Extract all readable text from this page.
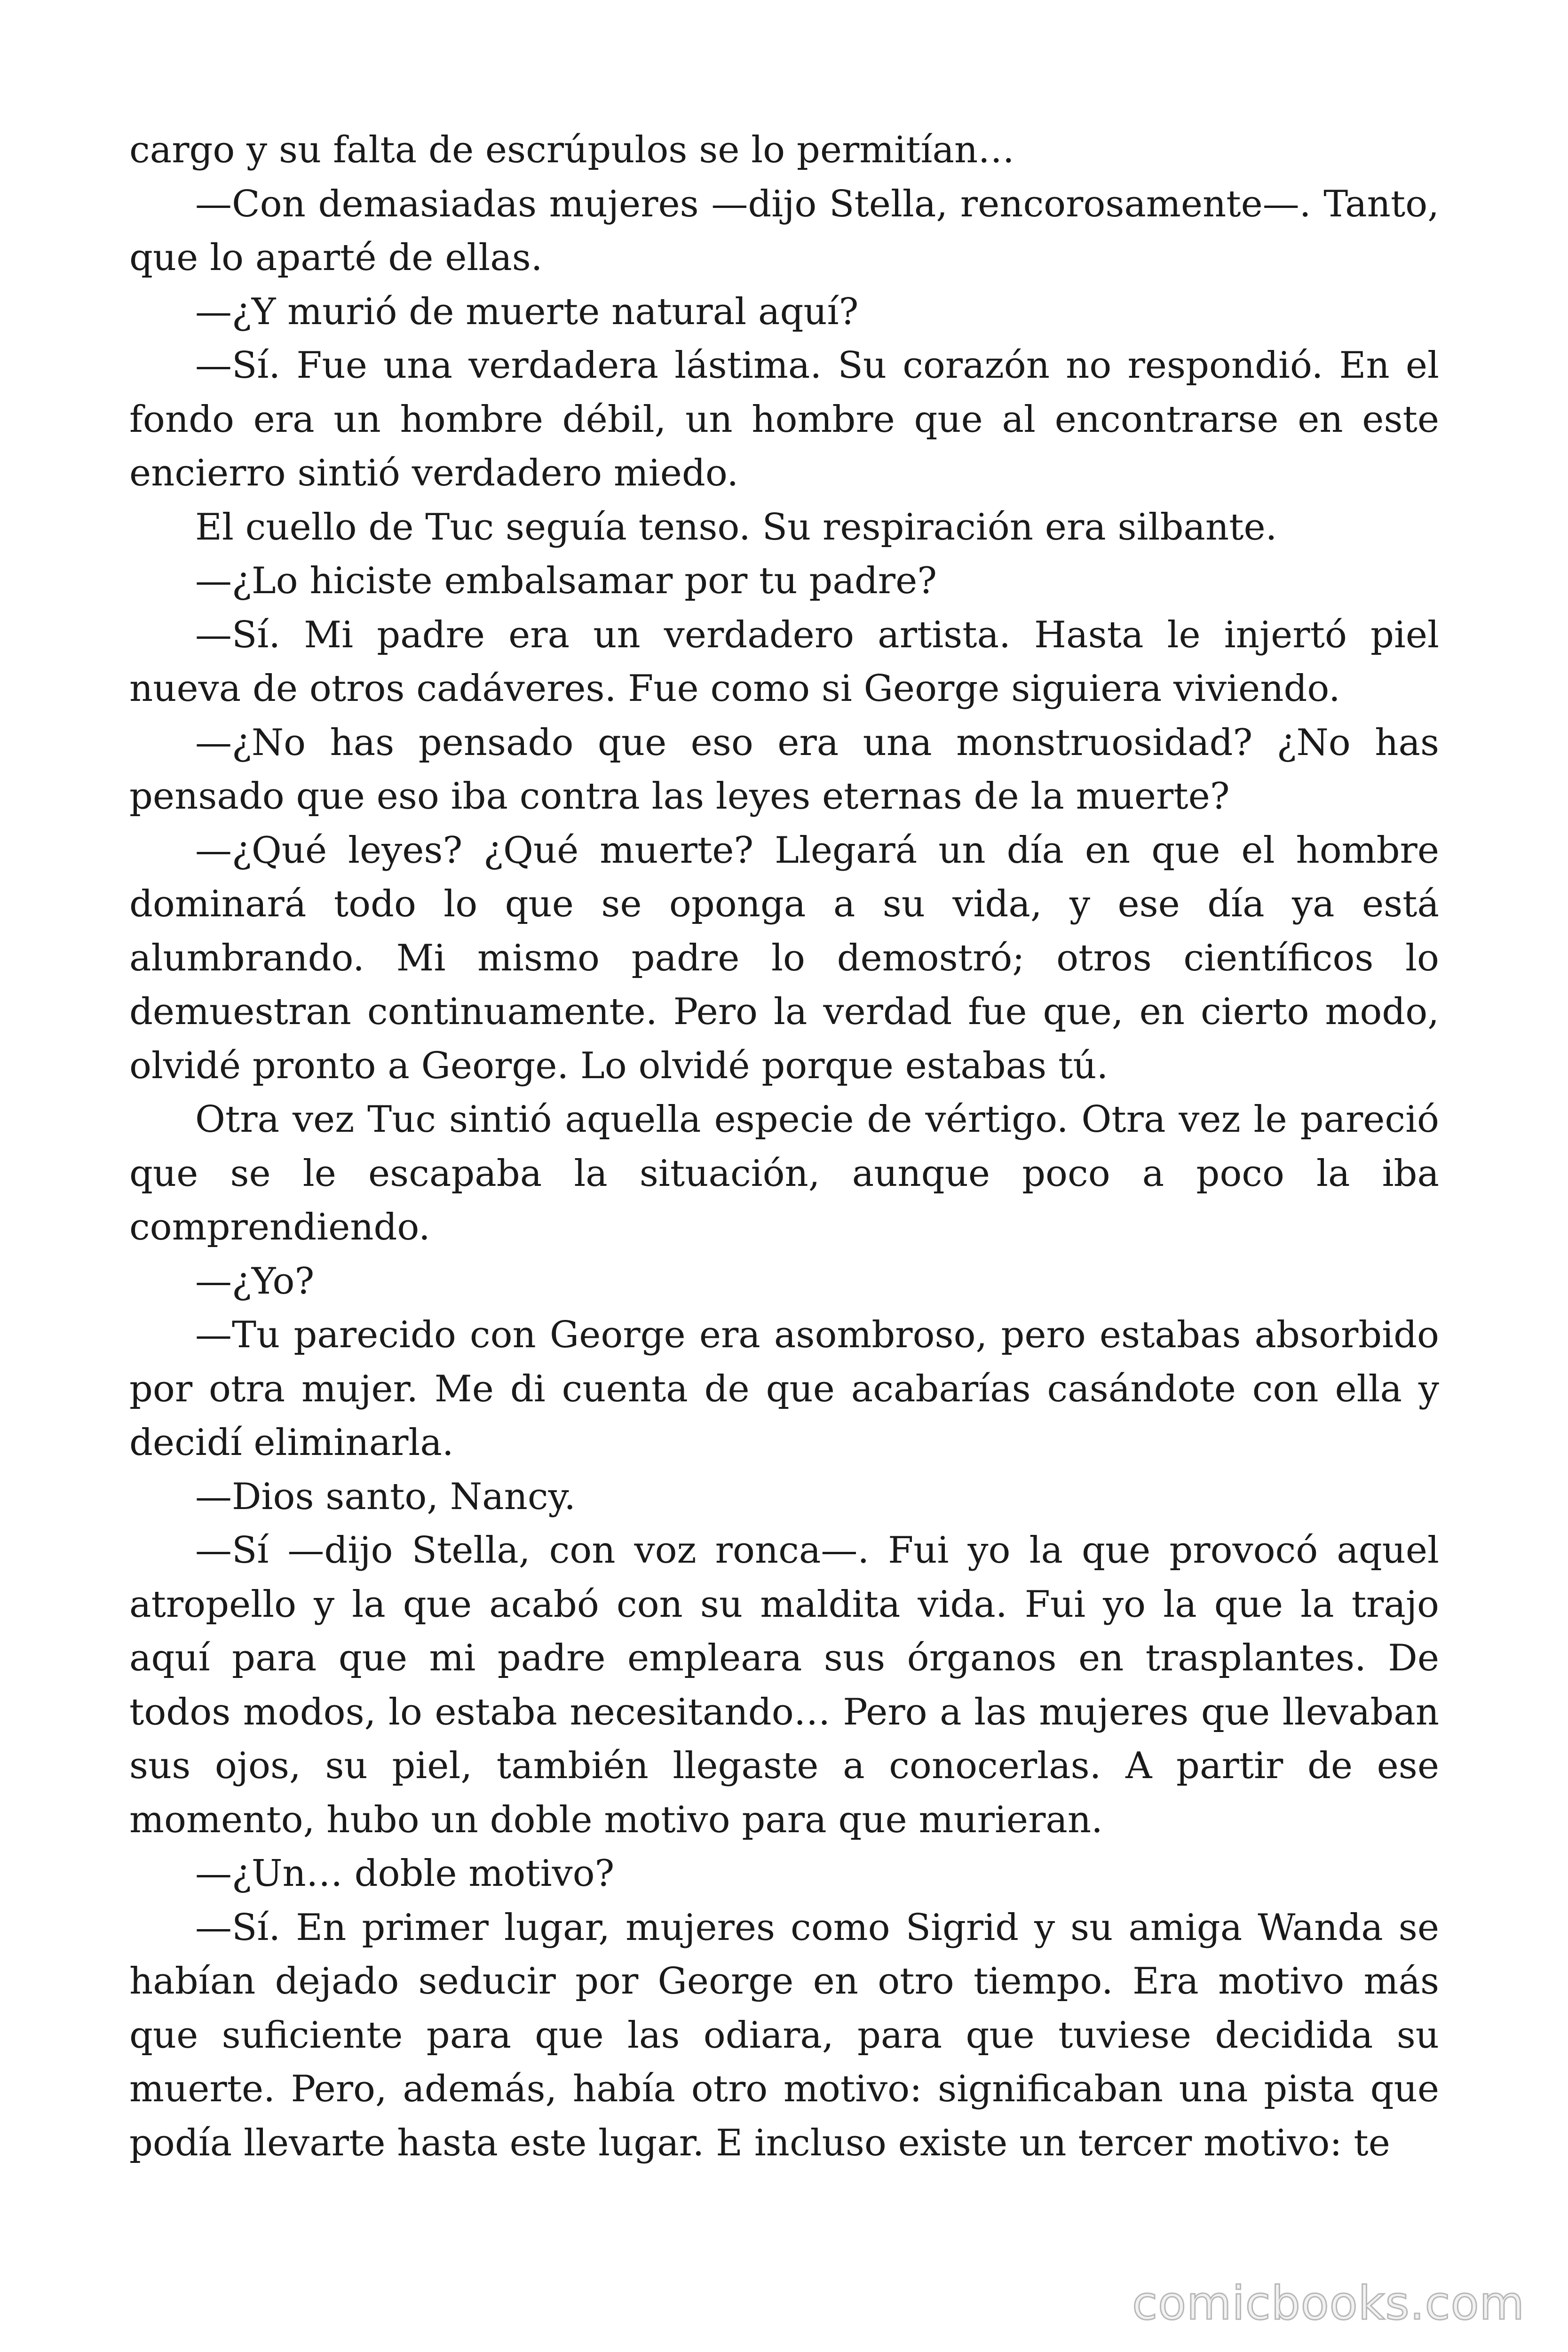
cargo y su falta de escrúpulos se lo permitían…

—Con demasiadas mujeres —dijo Stella, rencorosamente—. Tanto, que lo aparté de ellas.

—¿Y murió de muerte natural aquí?

—Sí. Fue una verdadera lástima. Su corazón no respondió. En el fondo era un hombre débil, un hombre que al encontrarse en este encierro sintió verdadero miedo.

El cuello de Tuc seguía tenso. Su respiración era silbante.

—¿Lo hiciste embalsamar por tu padre?

—Sí. Mi padre era un verdadero artista. Hasta le injertó piel nueva de otros cadáveres. Fue como si George siguiera viviendo.

—¿No has pensado que eso era una monstruosidad? ¿No has pensado que eso iba contra las leyes eternas de la muerte?

—¿Qué leyes? ¿Qué muerte? Llegará un día en que el hombre dominará todo lo que se oponga a su vida, y ese día ya está alumbrando. Mi mismo padre lo demostró; otros científicos lo demuestran continuamente. Pero la verdad fue que, en cierto modo, olvidé pronto a George. Lo olvidé porque estabas tú.

Otra vez Tuc sintió aquella especie de vértigo. Otra vez le pareció que se le escapaba la situación, aunque poco a poco la iba comprendiendo.

—¿Yo?

—Tu parecido con George era asombroso, pero estabas absorbido por otra mujer. Me di cuenta de que acabarías casándote con ella y decidí eliminarla.

—Dios santo, Nancy.

—Sí —dijo Stella, con voz ronca—. Fui yo la que provocó aquel atropello y la que acabó con su maldita vida. Fui yo la que la trajo aquí para que mi padre empleara sus órganos en trasplantes. De todos modos, lo estaba necesitando… Pero a las mujeres que llevaban sus ojos, su piel, también llegaste a conocerlas. A partir de ese momento, hubo un doble motivo para que murieran.

—¿Un… doble motivo?

—Sí. En primer lugar, mujeres como Sigrid y su amiga Wanda se habían dejado seducir por George en otro tiempo. Era motivo más que suficiente para que las odiara, para que tuviese decidida su muerte. Pero, además, había otro motivo: significaban una pista que podía llevarte hasta este lugar. E incluso existe un tercer motivo: te

comicbooks.com
